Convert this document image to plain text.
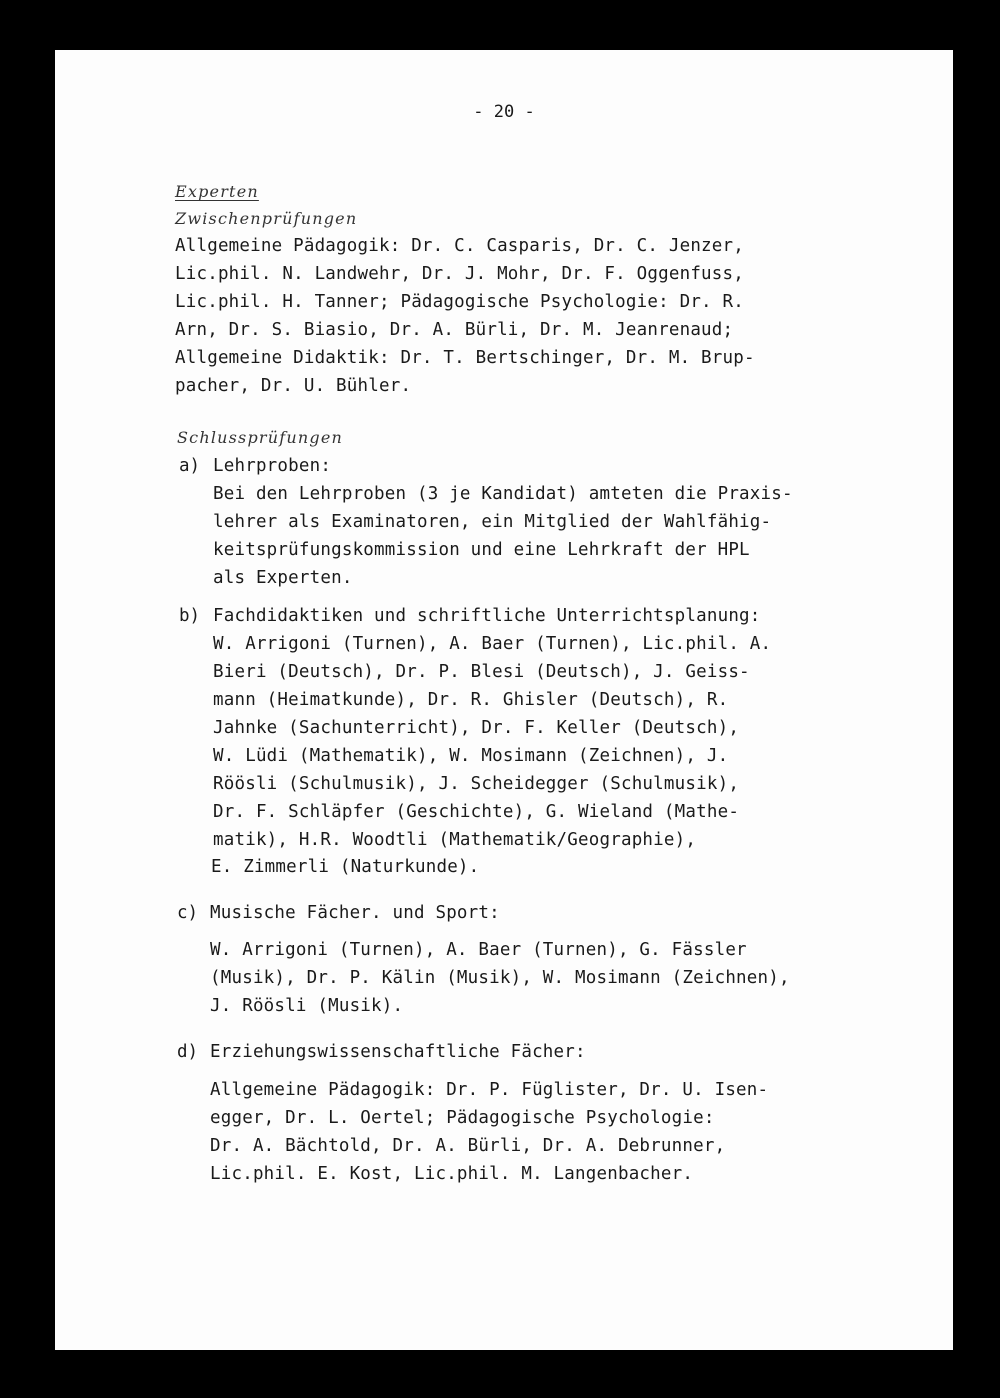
- 20 -
Experten
Zwischenprüfungen
Allgemeine Pädagogik: Dr. C. Casparis, Dr. C. Jenzer,
Lic.phil. N. Landwehr, Dr. J. Mohr, Dr. F. Oggenfuss,
Lic.phil. H. Tanner; Pädagogische Psychologie: Dr. R.
Arn, Dr. S. Biasio, Dr. A. Bürli, Dr. M. Jeanrenaud;
Allgemeine Didaktik: Dr. T. Bertschinger, Dr. M. Brup-
pacher, Dr. U. Bühler.
Schlussprüfungen
a) Lehrproben:
Bei den Lehrproben (3 je Kandidat) amteten die Praxis-
lehrer als Examinatoren, ein Mitglied der Wahlfähig-
keitsprüfungskommission und eine Lehrkraft der HPL
als Experten.
b) Fachdidaktiken und schriftliche Unterrichtsplanung:
W. Arrigoni (Turnen), A. Baer (Turnen), Lic.phil. A.
Bieri (Deutsch), Dr. P. Blesi (Deutsch), J. Geiss-
mann (Heimatkunde), Dr. R. Ghisler (Deutsch), R.
Jahnke (Sachunterricht), Dr. F. Keller (Deutsch),
W. Lüdi (Mathematik), W. Mosimann (Zeichnen), J.
Röösli (Schulmusik), J. Scheidegger (Schulmusik),
Dr. F. Schläpfer (Geschichte), G. Wieland (Mathe-
matik), H.R. Woodtli (Mathematik/Geographie),
E. Zimmerli (Naturkunde).
c) Musische Fächer. und Sport:
W. Arrigoni (Turnen), A. Baer (Turnen), G. Fässler
(Musik), Dr. P. Kälin (Musik), W. Mosimann (Zeichnen),
J. Röösli (Musik).
d) Erziehungswissenschaftliche Fächer:
Allgemeine Pädagogik: Dr. P. Füglister, Dr. U. Isen-
egger, Dr. L. Oertel; Pädagogische Psychologie:
Dr. A. Bächtold, Dr. A. Bürli, Dr. A. Debrunner,
Lic.phil. E. Kost, Lic.phil. M. Langenbacher.
